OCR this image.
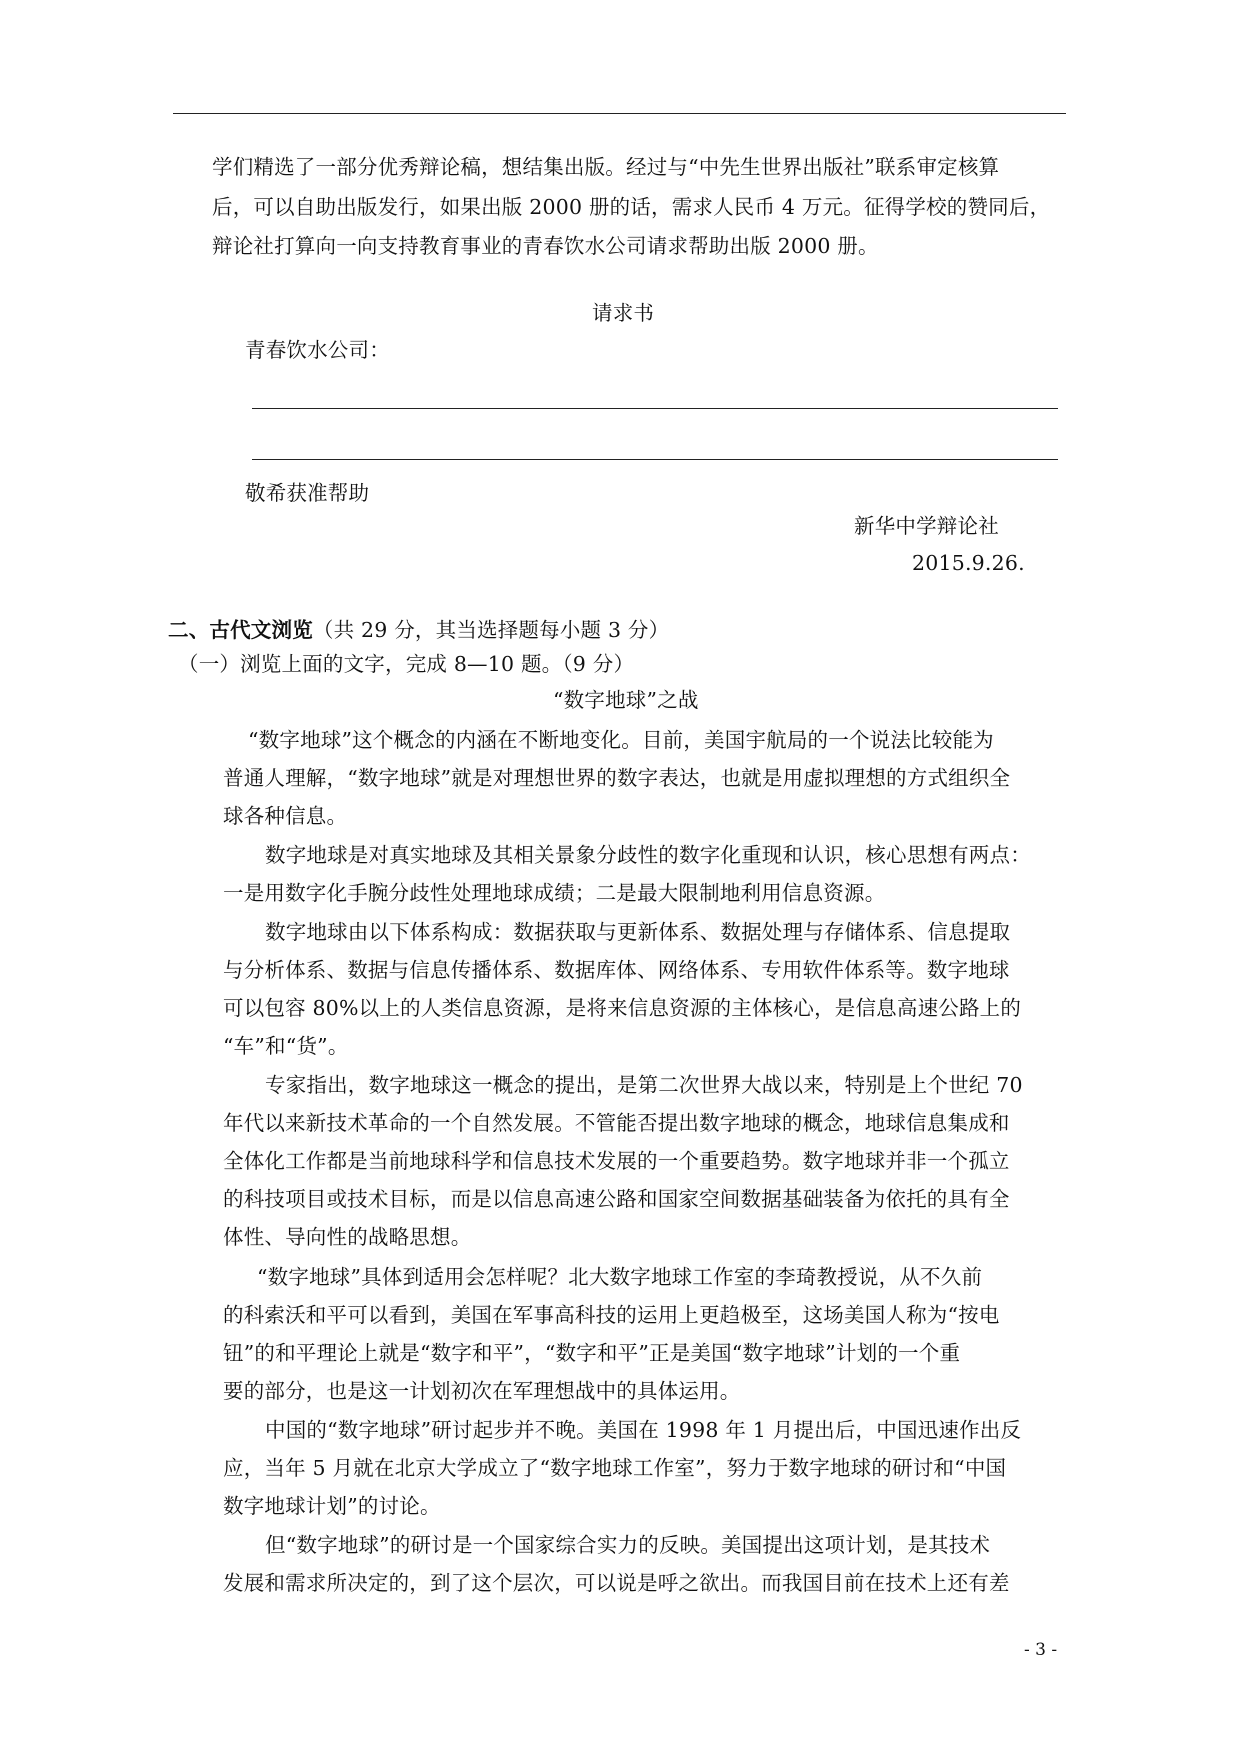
学们精选了一部分优秀辩论稿，想结集出版。经过与“中先生世界出版社”联系审定核算
后，可以自助出版发行，如果出版 2000 册的话，需求人民币 4 万元。征得学校的赞同后，
辩论社打算向一向支持教育事业的青春饮水公司请求帮助出版 2000 册。
请求书
青春饮水公司：
敬希获准帮助
新华中学辩论社
2015.9.26.
二、古代文浏览（共 29 分，其当选择题每小题 3 分）
（一）浏览上面的文字，完成 8—10 题。（9 分）
“数字地球”之战
“数字地球”这个概念的内涵在不断地变化。目前，美国宇航局的一个说法比较能为
普通人理解，“数字地球”就是对理想世界的数字表达，也就是用虚拟理想的方式组织全
球各种信息。
数字地球是对真实地球及其相关景象分歧性的数字化重现和认识，核心思想有两点：
一是用数字化手腕分歧性处理地球成绩；二是最大限制地利用信息资源。
数字地球由以下体系构成：数据获取与更新体系、数据处理与存储体系、信息提取
与分析体系、数据与信息传播体系、数据库体、网络体系、专用软件体系等。数字地球
可以包容 80%以上的人类信息资源，是将来信息资源的主体核心，是信息高速公路上的
“车”和“货”。
专家指出，数字地球这一概念的提出，是第二次世界大战以来，特别是上个世纪 70
年代以来新技术革命的一个自然发展。不管能否提出数字地球的概念，地球信息集成和
全体化工作都是当前地球科学和信息技术发展的一个重要趋势。数字地球并非一个孤立
的科技项目或技术目标，而是以信息高速公路和国家空间数据基础装备为依托的具有全
体性、导向性的战略思想。
“数字地球”具体到适用会怎样呢？北大数字地球工作室的李琦教授说，从不久前
的科索沃和平可以看到，美国在军事高科技的运用上更趋极至，这场美国人称为“按电
钮”的和平理论上就是“数字和平”，“数字和平”正是美国“数字地球”计划的一个重
要的部分，也是这一计划初次在军理想战中的具体运用。
中国的“数字地球”研讨起步并不晚。美国在 1998 年 1 月提出后，中国迅速作出反
应，当年 5 月就在北京大学成立了“数字地球工作室”，努力于数字地球的研讨和“中国
数字地球计划”的讨论。
但“数字地球”的研讨是一个国家综合实力的反映。美国提出这项计划，是其技术
发展和需求所决定的，到了这个层次，可以说是呼之欲出。而我国目前在技术上还有差
- 3 -
